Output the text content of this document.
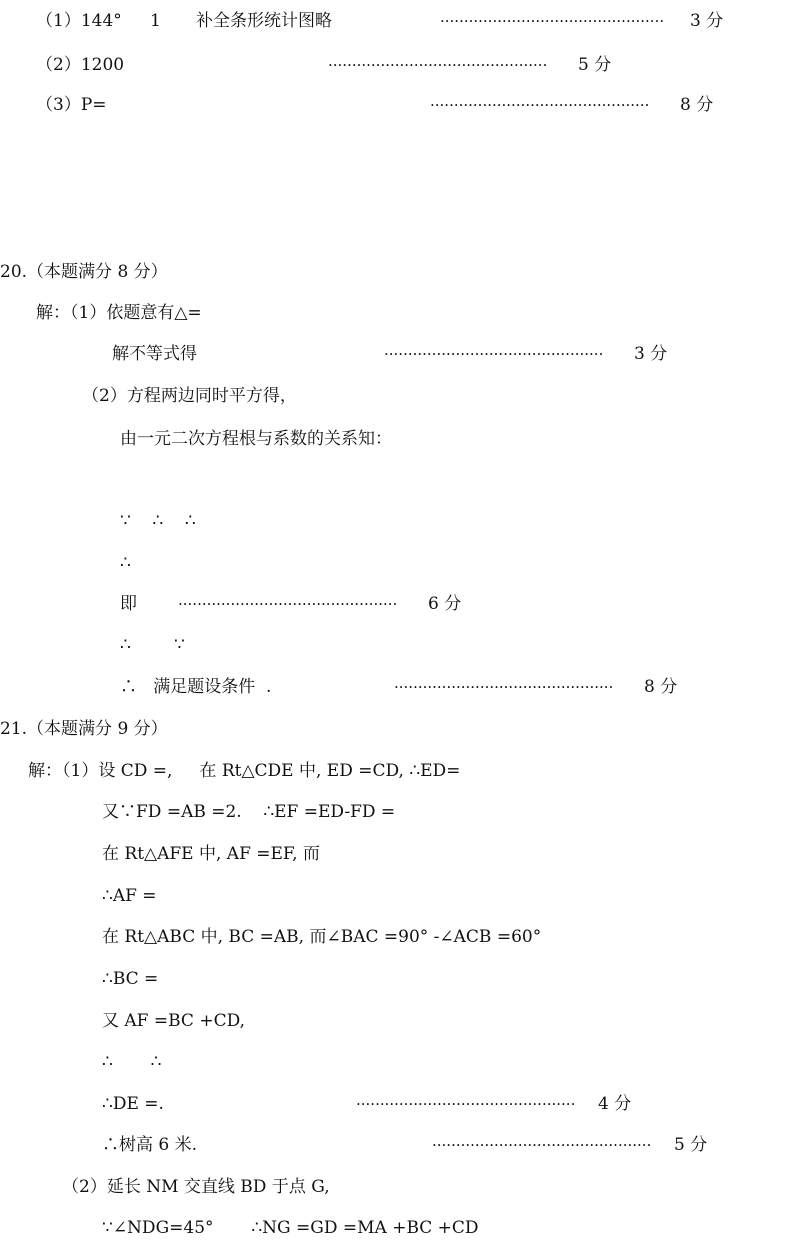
（1）144° 1 补全条形统计图略	··············································· 3 分
（2）1200	·············································· 5 分
（3）P=	·············································· 8 分
20.（本题满分 8 分）
解：（1）依题意有△=
解不等式得	·············································· 3 分
（2）方程两边同时平方得，
由一元二次方程根与系数的关系知：
∵    ∴    ∴
∴
即	·············································· 6 分
∴        ∵
∴   满足题设条件  .	·············································· 8 分
21.（本题满分 9 分）
解：（1）设 CD =,     在 Rt△CDE 中, ED =CD, ∴ED=
又∵FD =AB =2.    ∴EF =ED-FD =
在 Rt△AFE 中, AF =EF, 而
∴AF =
在 Rt△ABC 中, BC =AB, 而∠BAC =90° -∠ACB =60°
∴BC =
又 AF =BC +CD,
∴       ∴
∴DE =.	·············································· 4 分
∴树高 6 米.	·············································· 5 分
（2）延长 NM 交直线 BD 于点 G,
∵∠NDG=45°       ∴NG =GD =MA +BC +CD
